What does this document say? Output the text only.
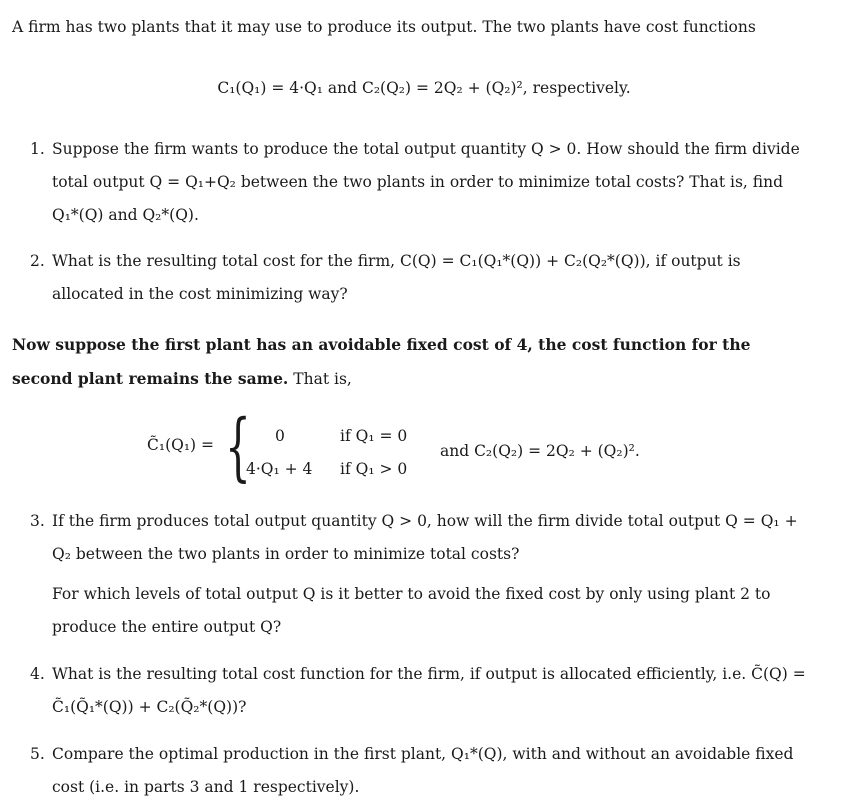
A firm has two plants that it may use to produce its output. The two plants have cost functions
C₁(Q₁) = 4·Q₁ and C₂(Q₂) = 2Q₂ + (Q₂)², respectively.
1. Suppose the firm wants to produce the total output quantity Q > 0. How should the firm divide total output Q = Q₁+Q₂ between the two plants in order to minimize total costs? That is, find Q₁*(Q) and Q₂*(Q).
2. What is the resulting total cost for the firm, C(Q) = C₁(Q₁*(Q)) + C₂(Q₂*(Q)), if output is allocated in the cost minimizing way?
Now suppose the first plant has an avoidable fixed cost of 4, the cost function for the second plant remains the same. That is,
C̃₁(Q₁) = { 0	if Q₁ = 0
4·Q₁ + 4 if Q₁ > 0
and C₂(Q₂) = 2Q₂ + (Q₂)².
3. If the firm produces total output quantity Q > 0, how will the firm divide total output Q = Q₁ + Q₂ between the two plants in order to minimize total costs?
For which levels of total output Q is it better to avoid the fixed cost by only using plant 2 to produce the entire output Q?
4. What is the resulting total cost function for the firm, if output is allocated efficiently, i.e. C̃(Q) = C̃₁(Q̃₁*(Q)) + C₂(Q̃₂*(Q))?
5. Compare the optimal production in the first plant, Q₁*(Q), with and without an avoidable fixed cost (i.e. in parts 3 and 1 respectively).
